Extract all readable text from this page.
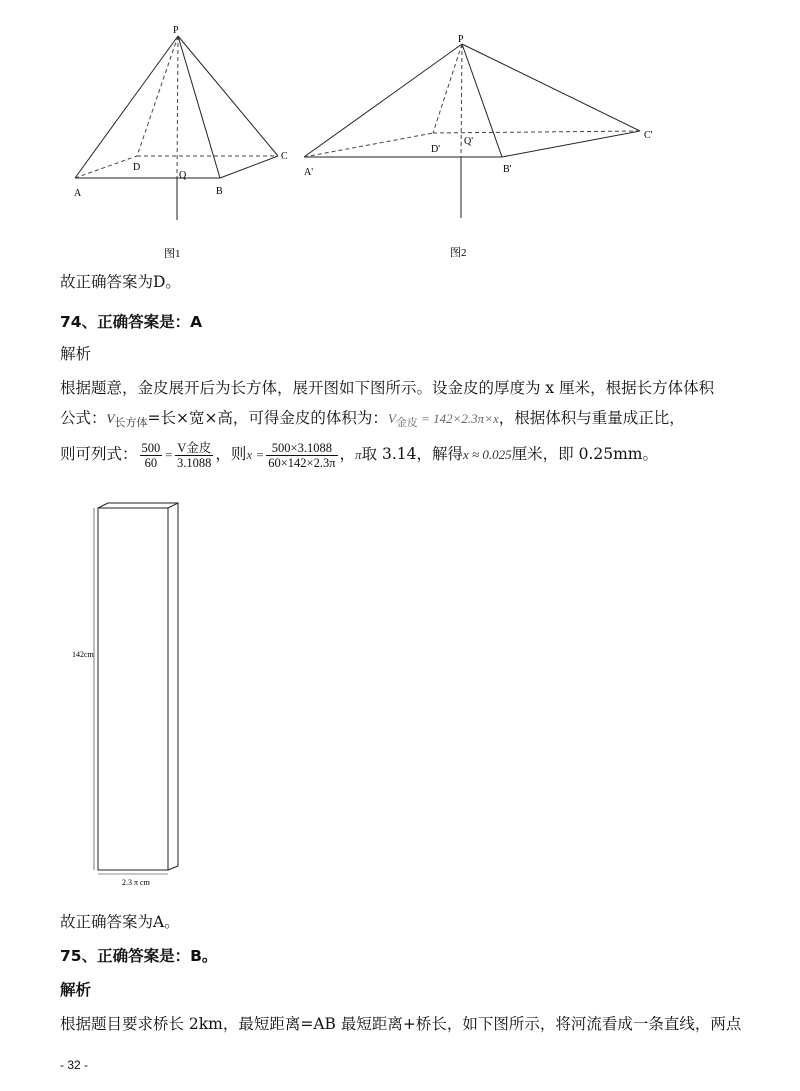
P
A	B
C
D
Q
图1
P
A'	B'
C'
D'
Q'
图2
故正确答案为D。
74、正确答案是：A
解析
根据题意，金皮展开后为长方体，展开图如下图所示。设金皮的厚度为 x 厘米，根据长方体体积
公式：$V_{长方体}=$长×宽×高，可得金皮的体积为：$V_{金皮} = 142\times 2.3\pi\times x$，根据体积与重量成正比，
则可列式： $\frac{500}{60} = \frac{\text{V金皮}}{3.1088}$ ，则$x = \frac{500\times 3.1088}{60\times 142\times 2.3\pi}$ ，π取 3.14，解得x ≈ 0.025厘米，即 0.25mm。
142cm
2.3 π cm
故正确答案为A。
75、正确答案是：B。
解析
根据题目要求桥长 2km，最短距离=AB 最短距离+桥长，如下图所示，将河流看成一条直线，两点
- 32 -
